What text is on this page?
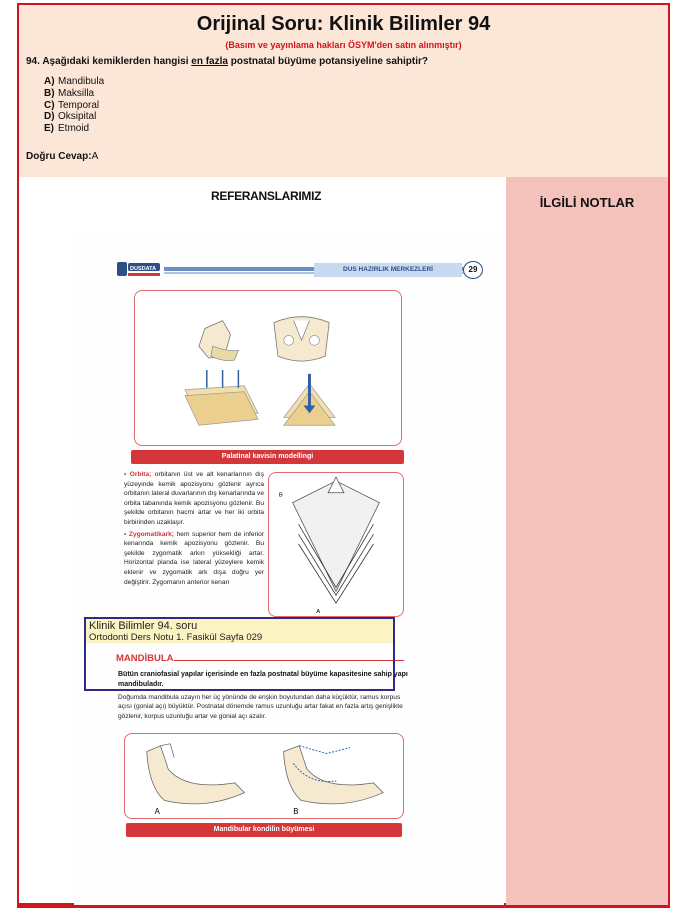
Orijinal Soru: Klinik Bilimler 94
(Basım ve yayınlama hakları ÖSYM'den satın alınmıştır)
94. Aşağıdaki kemiklerden hangisi en fazla postnatal büyüme potansiyeline sahiptir?
A) Mandibula
B) Maksilla
C) Temporal
D) Oksipital
E) Etmoid
Doğru Cevap:A
REFERANSLARIMIZ	İLGİLİ NOTLAR
DUSDATA	DUS HAZIRLIK MERKEZLERİ	29
Palatinal kavisin modellingi

• Orbita; orbitanın üst ve alt kenarlarının dış yüzeyinde kemik apozisyonu gözlenir ayrıca orbitanın lateral duvarlarının dış kenarlarında ve orbita tabanında kemik apozisyonu gözlenir. Bu şekilde orbitanın hacmi artar ve her iki orbita birbirinden uzaklaşır.

• Zygomatikark; hem superior hem de inferior kenarında kemik apozisyonu gözlenir. Bu şekilde zygomatik arkın yüksekliği artar. Horizontal planda ise lateral yüzeylere kemik eklenir ve zygomatik ark dışa doğru yer değiştirir. Zygomanın anterior kenarı

B
A
MANDİBULA
Bütün craniofasial yapılar içerisinde en fazla postnatal büyüme kapasitesine sahip yapı mandibuladır.
Doğumda mandibula uzayın her üç yönünde de erişkin boyutundan daha küçüktür, ramus korpus açısı (gonial açı) büyüktür. Postnatal dönemde ramus uzunluğu artar fakat en fazla artış genişlikte gözlenir, korpus uzunluğu artar ve gonial açı azalır.
A	B
Mandibular kondilin büyümesi
Klinik Bilimler 94. soru
Ortodonti Ders Notu 1. Fasikül Sayfa 029
